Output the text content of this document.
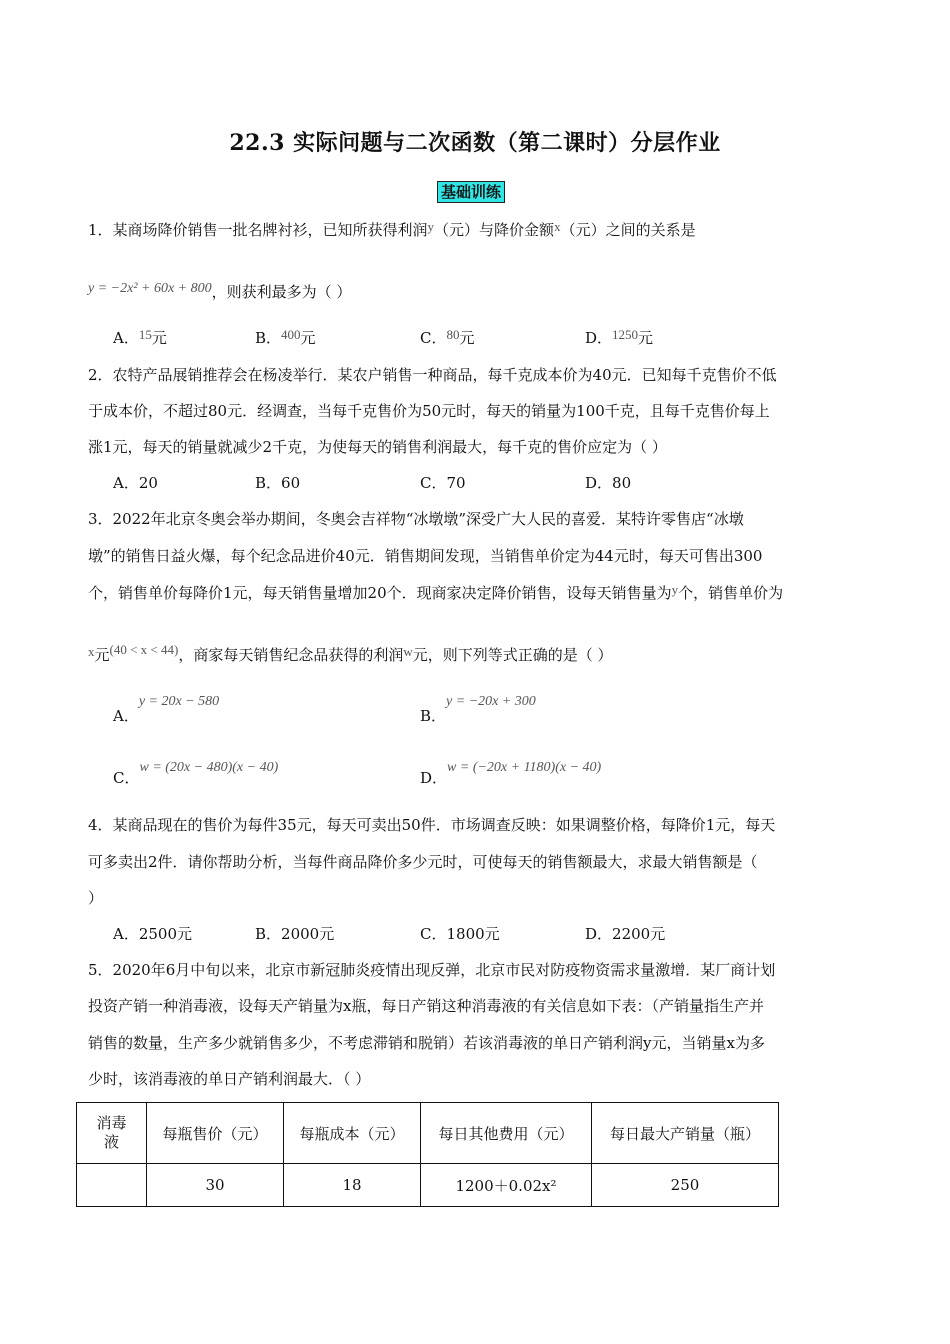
22.3 实际问题与二次函数（第二课时）分层作业
基础训练
1．某商场降价销售一批名牌衬衫，已知所获得利润y（元）与降价金额x（元）之间的关系是
y = −2x² + 60x + 800，则获利最多为（ ）
A．15元	B．400元	C．80元	D．1250元
2．农特产品展销推荐会在杨凌举行．某农户销售一种商品，每千克成本价为40元．已知每千克售价不低
于成本价，不超过80元．经调查，当每千克售价为50元时，每天的销量为100千克，且每千克售价每上
涨1元，每天的销量就减少2千克，为使每天的销售利润最大，每千克的售价应定为（ ）
A．20	B．60	C．70	D．80
3．2022年北京冬奥会举办期间，冬奥会吉祥物“冰墩墩”深受广大人民的喜爱．某特许零售店“冰墩
墩”的销售日益火爆，每个纪念品进价40元．销售期间发现，当销售单价定为44元时，每天可售出300
个，销售单价每降价1元，每天销售量增加20个．现商家决定降价销售，设每天销售量为y个，销售单价为
x元(40 < x < 44)，商家每天销售纪念品获得的利润w元，则下列等式正确的是（ ）
A．y = 20x − 580
B．y = −20x + 300
C．w = (20x − 480)(x − 40)
D．w = (−20x + 1180)(x − 40)
4．某商品现在的售价为每件35元，每天可卖出50件．市场调查反映：如果调整价格，每降价1元，每天
可多卖出2件．请你帮助分析，当每件商品降价多少元时，可使每天的销售额最大，求最大销售额是（
）
A．2500元	B．2000元	C．1800元	D．2200元
5．2020年6月中旬以来，北京市新冠肺炎疫情出现反弹，北京市民对防疫物资需求量激增．某厂商计划
投资产销一种消毒液，设每天产销量为x瓶，每日产销这种消毒液的有关信息如下表：（产销量指生产并
销售的数量，生产多少就销售多少，不考虑滞销和脱销）若该消毒液的单日产销利润y元，当销量x为多
少时，该消毒液的单日产销利润最大．（ ）
消毒液	每瓶售价（元）	每瓶成本（元）	每日其他费用（元）	每日最大产销量（瓶）
	30	18	1200＋0.02x²	250
